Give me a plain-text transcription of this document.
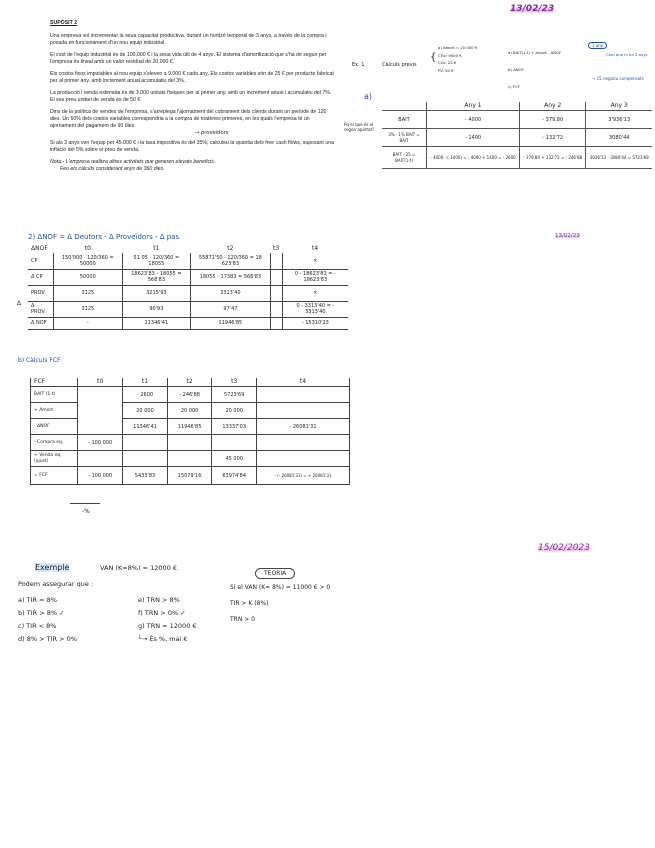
13/02/23
13/02/23
15/02/2023

SUPÒSIT 2

Una empresa vol incrementar la seua capacitat productiva, durant un horitzó temporal de 3 anys, a través de la compra i posada en funcionament d'un nou equip industrial.

El cost de l'equip industrial és de 100.000 € i la seua vida útil de 4 anys. El sistema d'amortització que s'ha de seguir per l'empresa és lineal amb un valor residual de 20.000 €.

Els costos fixos imputables al nou equip s'eleven a 9.000 € cada any. Els costos variables són de 25 € per producte fabricat per al primer any, amb increment anual acumulatiu del 3%.

La producció i venda estimada és de 3.000 unitats físiques per al primer any, amb un increment anual i acumulatiu del 7%. El seu preu unitari de venda és de 50 €.

Dins de la política de vendes de l'empresa, s'arreplega l'ajornament del cobrament dels clients durant un període de 120 dies. Un 60% dels costos variables correspondria a la compra de matèries primeres, en les quals l'empresa té un ajornament del pagament de 90 dies.

→ proveïdors

Si als 3 anys ven l'equip per 45.000 € i la taxa impositiva és del 35%; calculeu la quantia dels free cash flows, suposant una inflació del 5% sobre el preu de venda.

Nota.- L'empresa realitza altres activitats que generen elevats beneficis.

Feu els càlculs considerant anys de 360 dies.

Ex. 1	Càlculs previs
{
a) Amort = 20 000 €
CFix: 9000 €
CVu: 25 €
PV: 50 €
a) BAIT(1-t) + amort - ΔNOF
b) ΔNOF
c) FCF
1 any
Com que hi ha 3 anys
→ 15 negatiu compensats
a)
Pq el que és el segon apartat?
	Any 1	Any 2	Any 3
BAIT	- 4000	- 379,80	3'936'13
3% · 1% BAIT = BAIT	- 1400	- 132'72	3080'44
BAIT · 25 = BAIT(1-t)	- 4000 - (-1400) = - 4000 + 1400 = - 2600	- 379,80 + 132'72 = - 246'88	3936'13 - 3080'44 = 5723'69
2) ΔNOF = Δ Deutors - Δ Proveïdors - Δ pas
ΔNOF	t0	t1	t2	t3	t4
CP	150'000 · 120/360 = 50000	51.05 · 120/360 = 18055	55871'50 · 120/360 = 18 623'83		×
Δ CP	50000	18623'83 - 18055 = 568'83	18055 - 17383 = 568'83		0 - 18623'83 = - 18623'83
PROV.	3125	3215'93	3313'40		×
Δ PROV.	3125	90'93	97'47		0 - 3313'40 = - 3313'40
Δ NOF	-	11346'41	11946'85		- 15310'23
Δ
b) Càlculs FCF
FCF	t0	t1	t2	t3	t4
BAIT (1-t)		- 2600	- 246'88	5723'69	
+ Amort.		20 000	20 000	20 000	
- ΔNOF		11346'41	11946'85	13337'03	- 26081'31
- Compra eq.	- 100 000				
+ Venda eq. (ajust)				45 000	
= FCF	- 100 000	5433'83	15079'16	63974'84	- (- 26081'31) = + 26081'31
-%
Exemple	VAN (K=8%) = 12000 €
Podem assegurar que :
a) TIR = 8%	e) TRN > 8%
b) TIR > 8% ✓	f) TRN > 0% ✓
c) TIR < 8%	g) TRN = 12000 €
d) 8% > TIR > 0%	└→ És %, mai €
TEORIA
Si el VAN (K= 8%) = 11000 € > 0
TIR > K (8%)
TRN > 0
